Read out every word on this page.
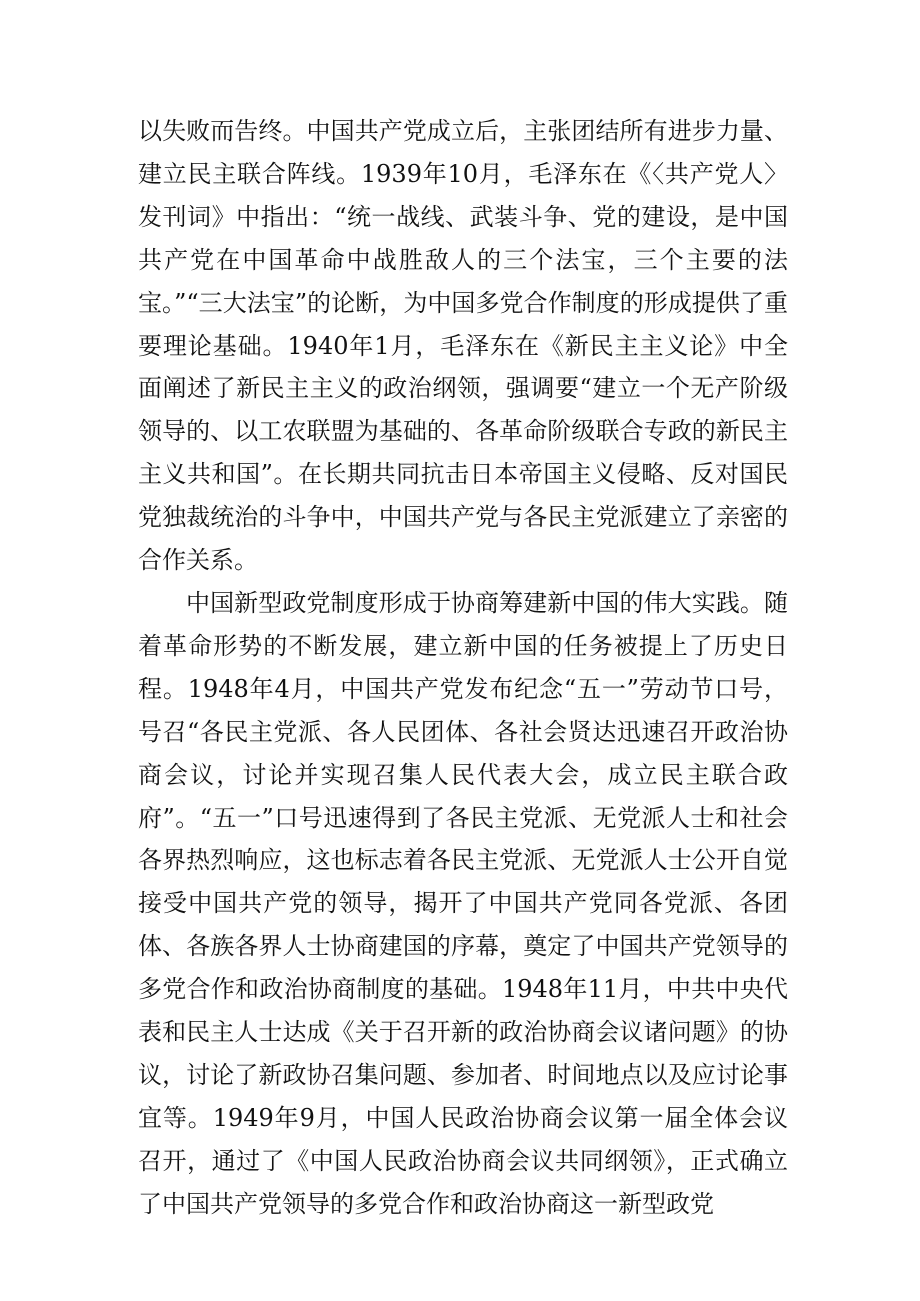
以失败而告终。中国共产党成立后，主张团结所有进步力量、建立民主联合阵线。1939年10月，毛泽东在《〈共产党人〉发刊词》中指出：“统一战线、武装斗争、党的建设，是中国共产党在中国革命中战胜敌人的三个法宝，三个主要的法宝。”“三大法宝”的论断，为中国多党合作制度的形成提供了重要理论基础。1940年1月，毛泽东在《新民主主义论》中全面阐述了新民主主义的政治纲领，强调要“建立一个无产阶级领导的、以工农联盟为基础的、各革命阶级联合专政的新民主主义共和国”。在长期共同抗击日本帝国主义侵略、反对国民党独裁统治的斗争中，中国共产党与各民主党派建立了亲密的合作关系。

中国新型政党制度形成于协商筹建新中国的伟大实践。随着革命形势的不断发展，建立新中国的任务被提上了历史日程。1948年4月，中国共产党发布纪念“五一”劳动节口号，号召“各民主党派、各人民团体、各社会贤达迅速召开政治协商会议，讨论并实现召集人民代表大会，成立民主联合政府”。“五一”口号迅速得到了各民主党派、无党派人士和社会各界热烈响应，这也标志着各民主党派、无党派人士公开自觉接受中国共产党的领导，揭开了中国共产党同各党派、各团体、各族各界人士协商建国的序幕，奠定了中国共产党领导的多党合作和政治协商制度的基础。1948年11月，中共中央代表和民主人士达成《关于召开新的政治协商会议诸问题》的协议，讨论了新政协召集问题、参加者、时间地点以及应讨论事宜等。1949年9月，中国人民政治协商会议第一届全体会议召开，通过了《中国人民政治协商会议共同纲领》，正式确立了中国共产党领导的多党合作和政治协商这一新型政党
